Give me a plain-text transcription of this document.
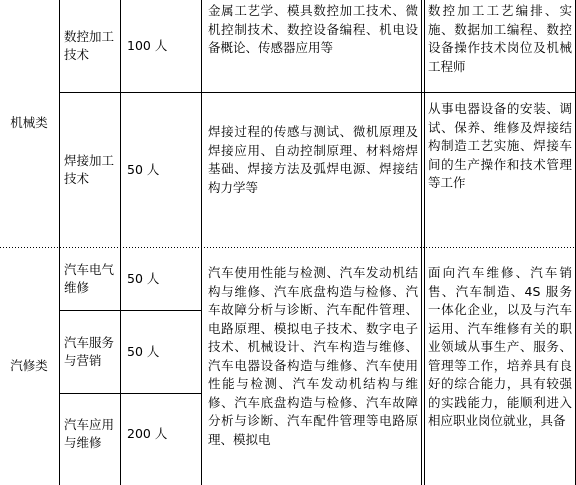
机械类
数控加工技术
100 人
金属工艺学、模具数控加工技术、微机控制技术、数控设备编程、机电设备概论、传感器应用等
数控加工工艺编排、实施、数据加工编程、数控设备操作技术岗位及机械工程师
焊接加工技术
50 人
焊接过程的传感与测试、微机原理及焊接应用、自动控制原理、材料熔焊基础、焊接方法及弧焊电源、焊接结构力学等
从事电器设备的安装、调试、保养、维修及焊接结构制造工艺实施、焊接车间的生产操作和技术管理等工作
汽修类
汽车电气维修
50 人
汽车服务与营销
50 人
汽车应用与维修
200 人
汽车使用性能与检测、汽车发动机结构与维修、汽车底盘构造与检修、汽车故障分析与诊断、汽车配件管理、电路原理、模拟电子技术、数字电子技术、机械设计、汽车构造与维修、汽车电器设备构造与维修、汽车使用性能与检测、汽车发动机结构与维修、汽车底盘构造与检修、汽车故障分析与诊断、汽车配件管理等电路原理、模拟电
面向汽车维修、汽车销售、汽车制造、4S 服务一体化企业，以及与汽车运用、汽车维修有关的职业领域从事生产、服务、管理等工作，培养具有良好的综合能力，具有较强的实践能力，能顺利进入相应职业岗位就业，具备
